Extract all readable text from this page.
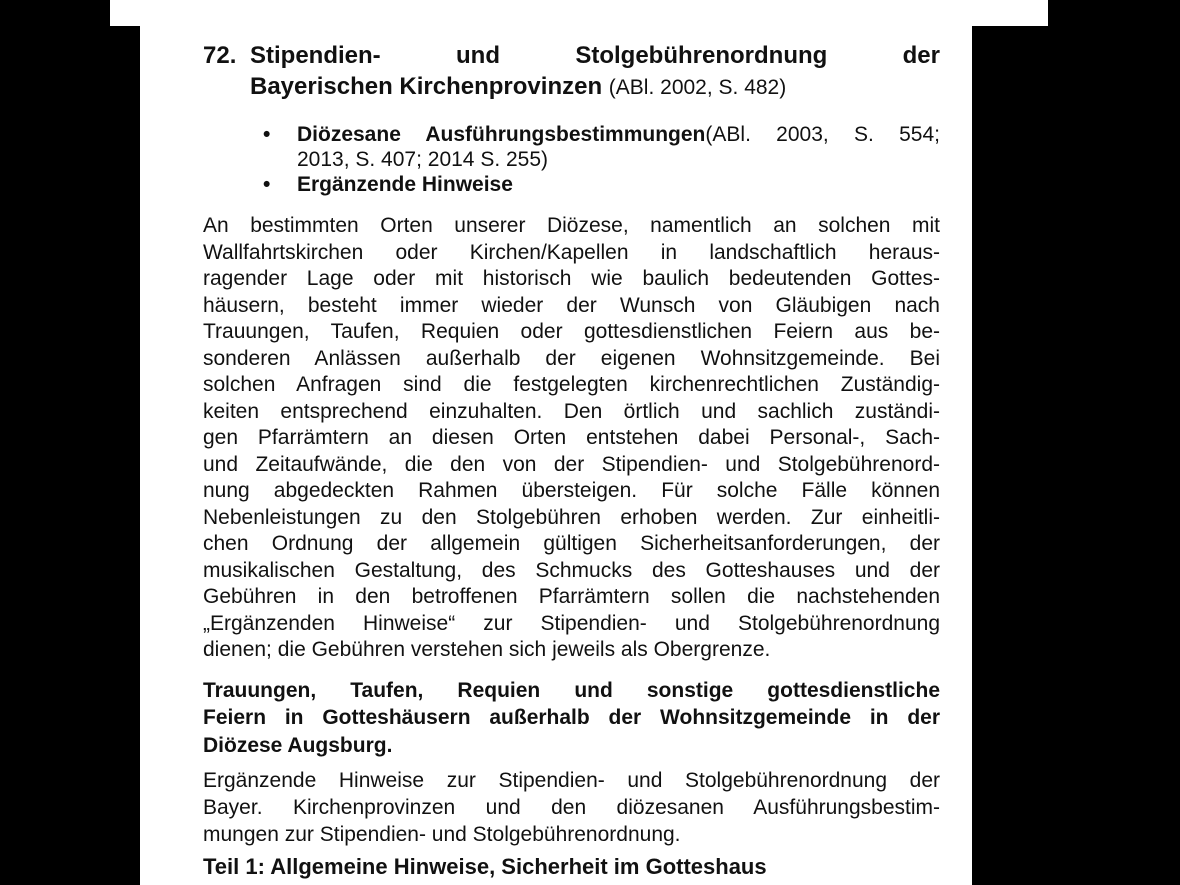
72. Stipendien- und Stolgebührenordnung der
Bayerischen Kirchenprovinzen (ABl. 2002, S. 482)
•	Diözesane Ausführungsbestimmungen(ABl. 2003, S. 554;
2013, S. 407; 2014 S. 255)
•	Ergänzende Hinweise
An bestimmten Orten unserer Diözese, namentlich an solchen mit
Wallfahrtskirchen oder Kirchen/Kapellen in landschaftlich heraus-
ragender Lage oder mit historisch wie baulich bedeutenden Gottes-
häusern, besteht immer wieder der Wunsch von Gläubigen nach
Trauungen, Taufen, Requien oder gottesdienstlichen Feiern aus be-
sonderen Anlässen außerhalb der eigenen Wohnsitzgemeinde. Bei
solchen Anfragen sind die festgelegten kirchenrechtlichen Zuständig-
keiten entsprechend einzuhalten. Den örtlich und sachlich zuständi-
gen Pfarrämtern an diesen Orten entstehen dabei Personal-, Sach-
und Zeitaufwände, die den von der Stipendien- und Stolgebührenord-
nung abgedeckten Rahmen übersteigen. Für solche Fälle können
Nebenleistungen zu den Stolgebühren erhoben werden. Zur einheitli-
chen Ordnung der allgemein gültigen Sicherheitsanforderungen, der
musikalischen Gestaltung, des Schmucks des Gotteshauses und der
Gebühren in den betroffenen Pfarrämtern sollen die nachstehenden
„Ergänzenden Hinweise“ zur Stipendien- und Stolgebührenordnung
dienen; die Gebühren verstehen sich jeweils als Obergrenze.
Trauungen, Taufen, Requien und sonstige gottesdienstliche
Feiern in Gotteshäusern außerhalb der Wohnsitzgemeinde in der
Diözese Augsburg.
Ergänzende Hinweise zur Stipendien- und Stolgebührenordnung der
Bayer. Kirchenprovinzen und den diözesanen Ausführungsbestim-
mungen zur Stipendien- und Stolgebührenordnung.
Teil 1: Allgemeine Hinweise, Sicherheit im Gotteshaus
